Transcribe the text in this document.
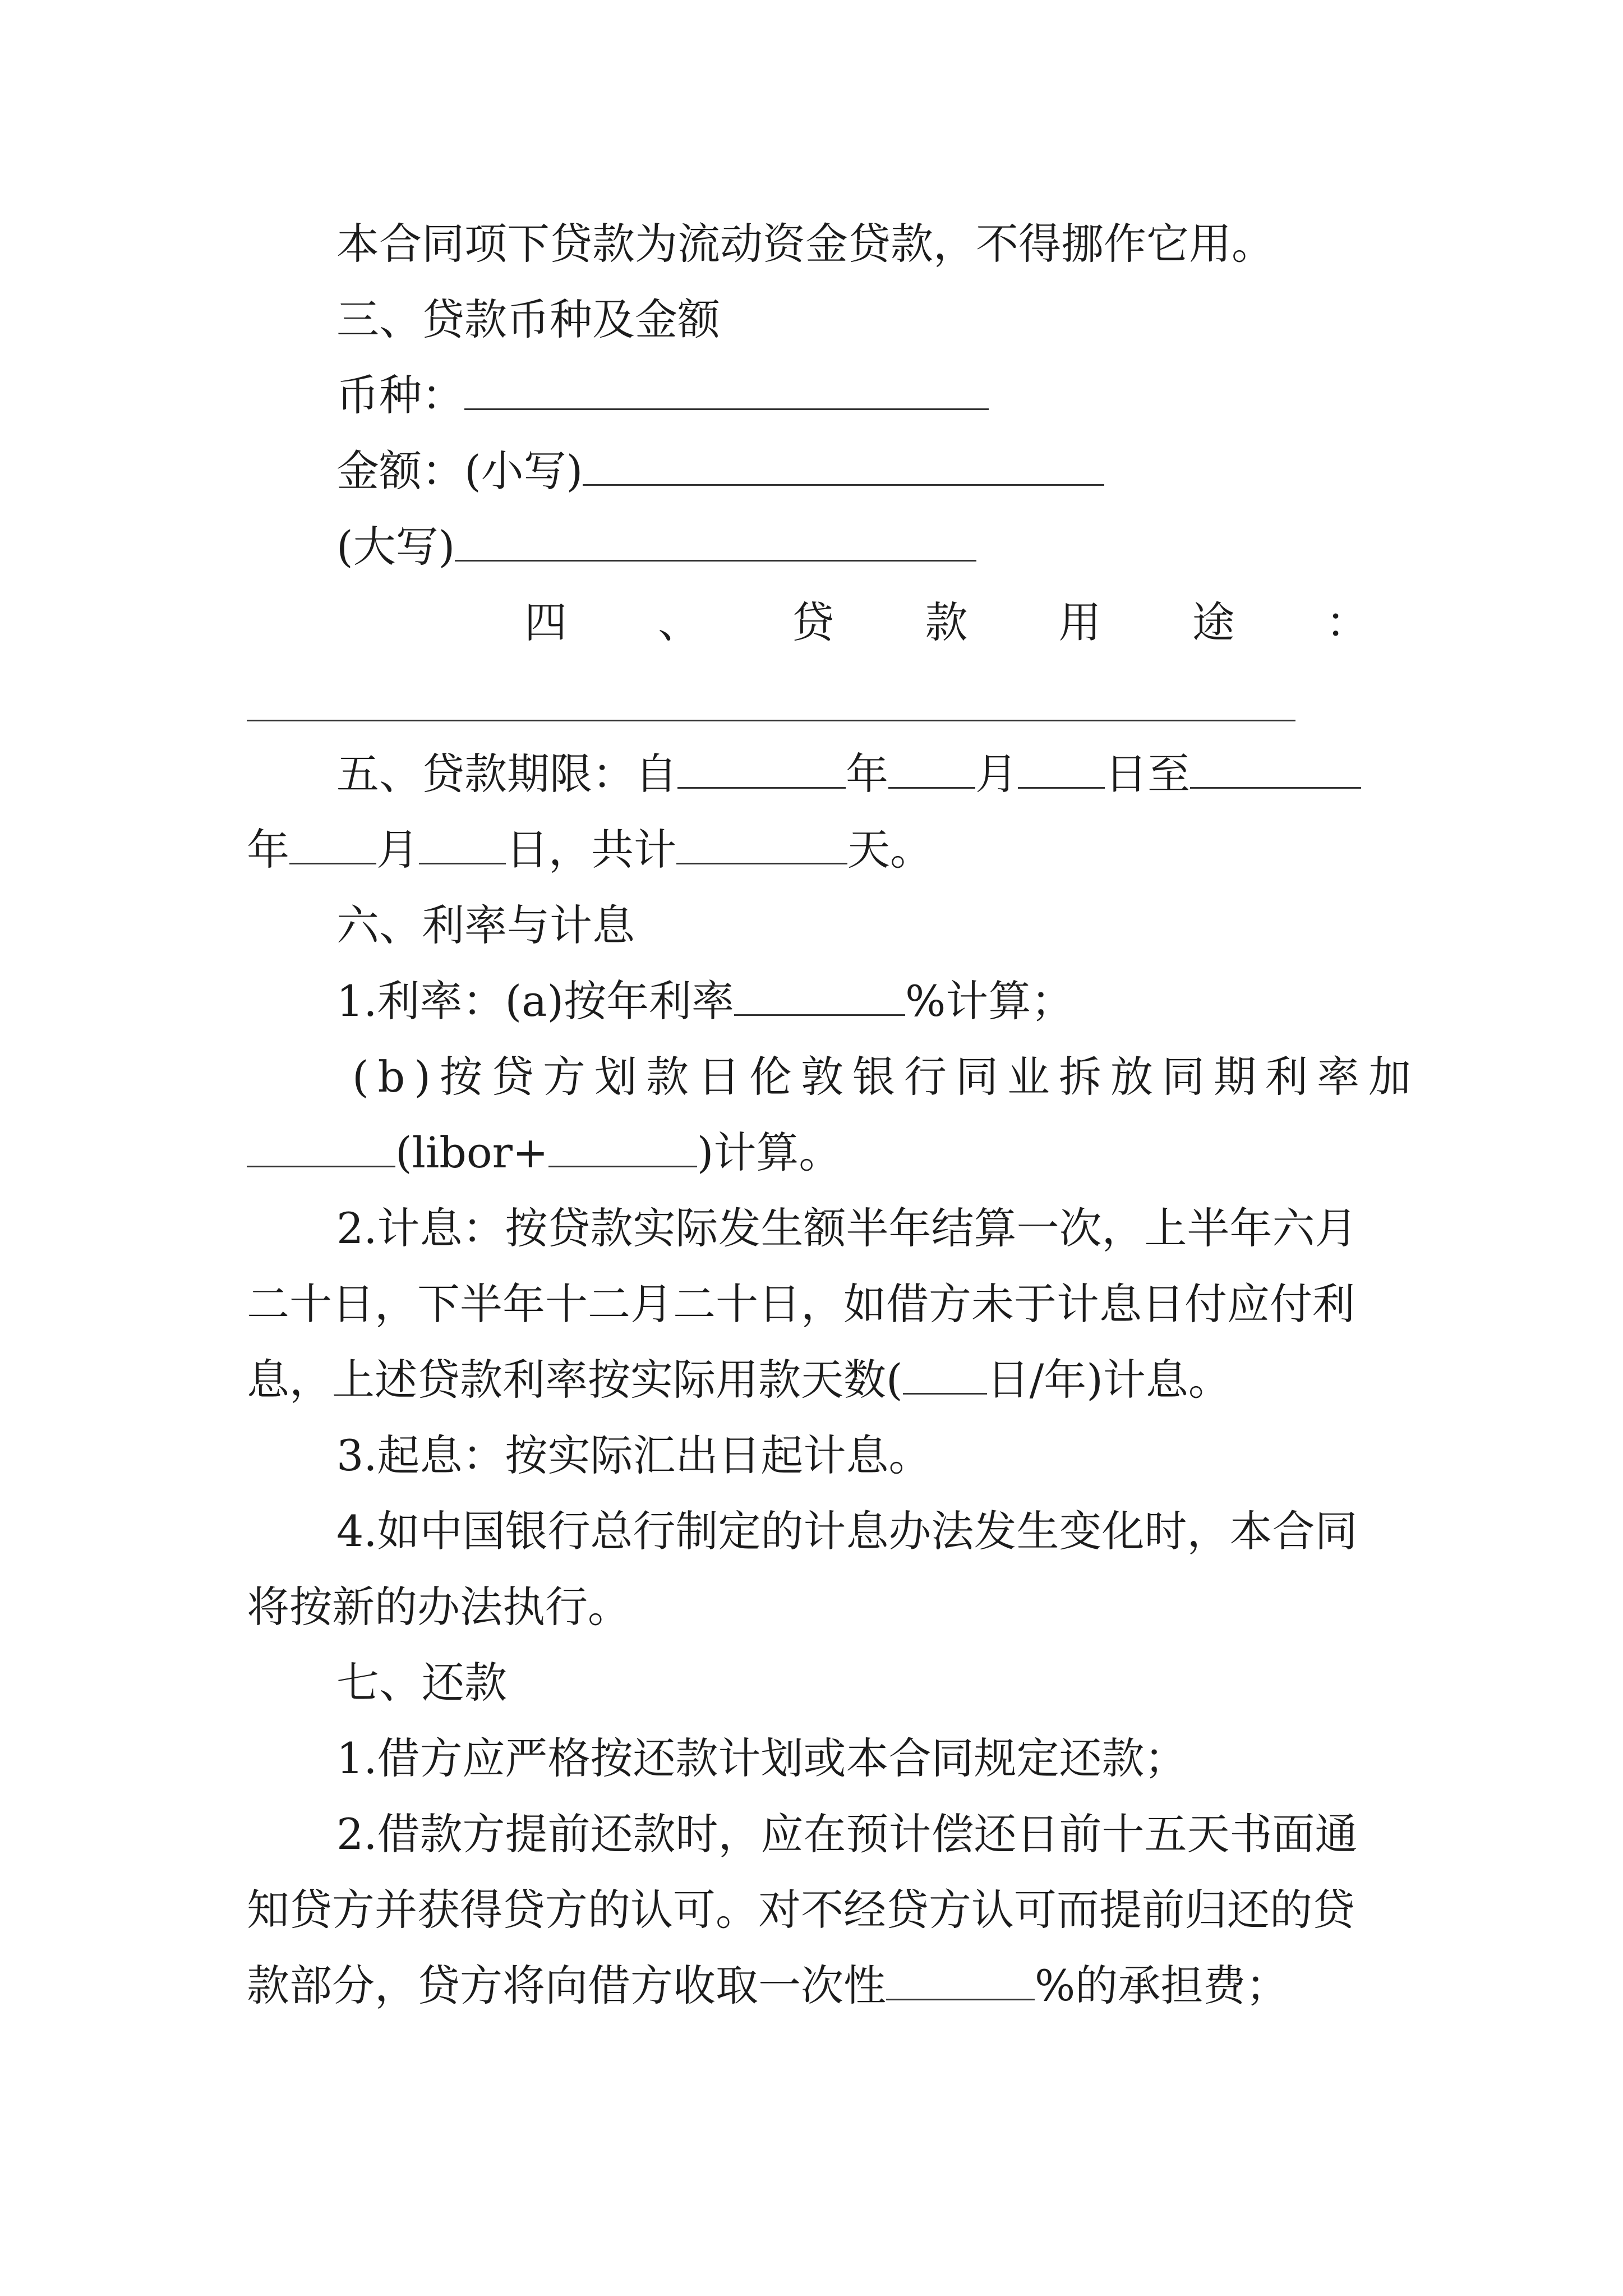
本合同项下贷款为流动资金贷款，不得挪作它用。

三、贷款币种及金额

币种：

金额：(小写)

(大写)

四 、 贷 款 用 途 ：

五、贷款期限：自	年 月 日至

年 月 日，共计	天。

六、利率与计息

1.利率：(a)按年利率	%计算；

(b)按贷方划款日伦敦银行同业拆放同期利率加

(libor+	)计算。

2.计息：按贷款实际发生额半年结算一次，上半年六月

二十日，下半年十二月二十日，如借方未于计息日付应付利

息，上述贷款利率按实际用款天数( 日/年)计息。

3.起息：按实际汇出日起计息。

4.如中国银行总行制定的计息办法发生变化时，本合同

将按新的办法执行。

七、还款

1.借方应严格按还款计划或本合同规定还款；

2.借款方提前还款时，应在预计偿还日前十五天书面通

知贷方并获得贷方的认可。对不经贷方认可而提前归还的贷

款部分，贷方将向借方收取一次性	%的承担费；
